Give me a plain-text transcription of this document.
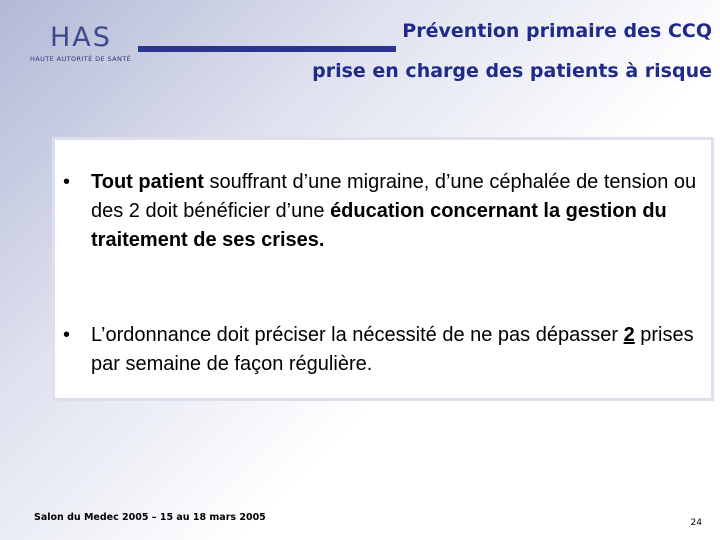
HAS
HAUTE AUTORITÉ DE SANTÉ
Prévention primaire des CCQ
prise en charge des patients à risque
•	Tout patient souffrant d’une migraine, d’une céphalée de tension ou des 2 doit bénéficier d’une éducation concernant la gestion du traitement de ses crises.
•	L’ordonnance doit préciser la nécessité de ne pas dépasser 2 prises par semaine de façon régulière.
Salon du Medec 2005 – 15 au 18 mars 2005	24
